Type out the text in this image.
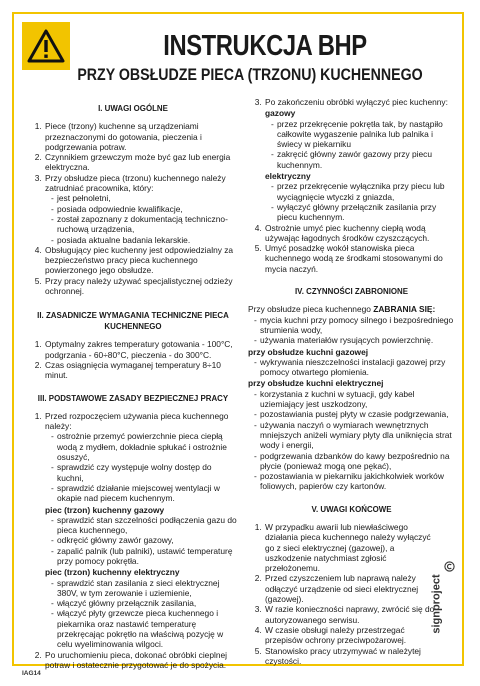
INSTRUKCJA BHP
PRZY OBSŁUDZE PIECA (TRZONU) KUCHENNEGO
I. UWAGI OGÓLNE
1. Piece (trzony) kuchenne są urządzeniami przeznaczonymi do gotowania, pieczenia i podgrzewania potraw.
2. Czynnikiem grzewczym może być gaz lub energia elektryczna.
3. Przy obsłudze pieca (trzonu) kuchennego należy zatrudniać pracownika, który:
- jest pełnoletni,
- posiada odpowiednie kwalifikacje,
- został zapoznany z dokumentacją techniczno-ruchową urządzenia,
- posiada aktualne badania lekarskie.
4. Obsługujący piec kuchenny jest odpowiedzialny za bezpieczeństwo pracy pieca kuchennego powierzonego jego obsłudze.
5. Przy pracy należy używać specjalistycznej odzieży ochronnej.
II. ZASADNICZE WYMAGANIA TECHNICZNE PIECA KUCHENNEGO
1. Optymalny zakres temperatury gotowania - 100°C, podgrzania - 60÷80°C, pieczenia - do 300°C.
2. Czas osiągnięcia wymaganej temperatury 8÷10 minut.
III. PODSTAWOWE ZASADY BEZPIECZNEJ PRACY
1. Przed rozpoczęciem używania pieca kuchennego należy:
- ostrożnie przemyć powierzchnie pieca ciepłą wodą z mydłem, dokładnie spłukać i ostrożnie osuszyć,
- sprawdzić czy występuje wolny dostęp do kuchni,
- sprawdzić działanie miejscowej wentylacji w okapie nad piecem kuchennym.
piec (trzon) kuchenny gazowy
- sprawdzić stan szczelności podłączenia gazu do pieca kuchennego,
- odkręcić główny zawór gazowy,
- zapalić palnik (lub palniki), ustawić temperaturę przy pomocy pokrętła.
piec (trzon) kuchenny elektryczny
- sprawdzić stan zasilania z sieci elektrycznej 380V, w tym zerowanie i uziemienie,
- włączyć główny przełącznik zasilania,
- włączyć płyty grzewcze pieca kuchennego i piekarnika oraz nastawić temperaturę przekręcając pokrętło na właściwą pozycję w celu wyeliminowania wilgoci.
2. Po uruchomieniu pieca, dokonać obróbki cieplnej potraw i ostatecznie przygotować je do spożycia.
3. Po zakończeniu obróbki wyłączyć piec kuchenny:
gazowy
- przez przekręcenie pokrętła tak, by nastąpiło całkowite wygaszenie palnika lub palnika i świecy w piekarniku
- zakręcić główny zawór gazowy przy piecu kuchennym.
elektryczny
- przez przekręcenie wyłącznika przy piecu lub wyciągnięcie wtyczki z gniazda,
- wyłączyć główny przełącznik zasilania przy piecu kuchennym.
4. Ostrożnie umyć piec kuchenny ciepłą wodą używając łagodnych środków czyszczących.
5. Umyć posadzkę wokół stanowiska pieca kuchennego wodą ze środkami stosowanymi do mycia naczyń.
IV. CZYNNOŚCI ZABRONIONE
Przy obsłudze pieca kuchennego ZABRANIA SIĘ:
- mycia kuchni przy pomocy silnego i bezpośredniego strumienia wody,
- używania materiałów rysujących powierzchnię.
przy obsłudze kuchni gazowej
- wykrywania nieszczelności instalacji gazowej przy pomocy otwartego płomienia.
przy obsłudze kuchni elektrycznej
- korzystania z kuchni w sytuacji, gdy kabel uziemiający jest uszkodzony,
- pozostawiania pustej płyty w czasie podgrzewania,
- używania naczyń o wymiarach wewnętrznych mniejszych aniżeli wymiary płyty dla uniknięcia strat wody i energii,
- podgrzewania dzbanków do kawy bezpośrednio na płycie (ponieważ mogą one pękać),
- pozostawiania w piekarniku jakichkolwiek worków foliowych, papierów czy kartonów.
V. UWAGI KOŃCOWE
1. W przypadku awarii lub niewłaściwego działania pieca kuchennego należy wyłączyć go z sieci elektrycznej (gazowej), a uszkodzenie natychmiast zgłosić przełożonemu.
2. Przed czyszczeniem lub naprawą należy odłączyć urządzenie od sieci elektrycznej (gazowej).
3. W razie konieczności naprawy, zwrócić się do autoryzowanego serwisu.
4. W czasie obsługi należy przestrzegać przepisów ochrony przeciwpożarowej.
5. Stanowisko pracy utrzymywać w należytej czystości.
signproject
IAG14
